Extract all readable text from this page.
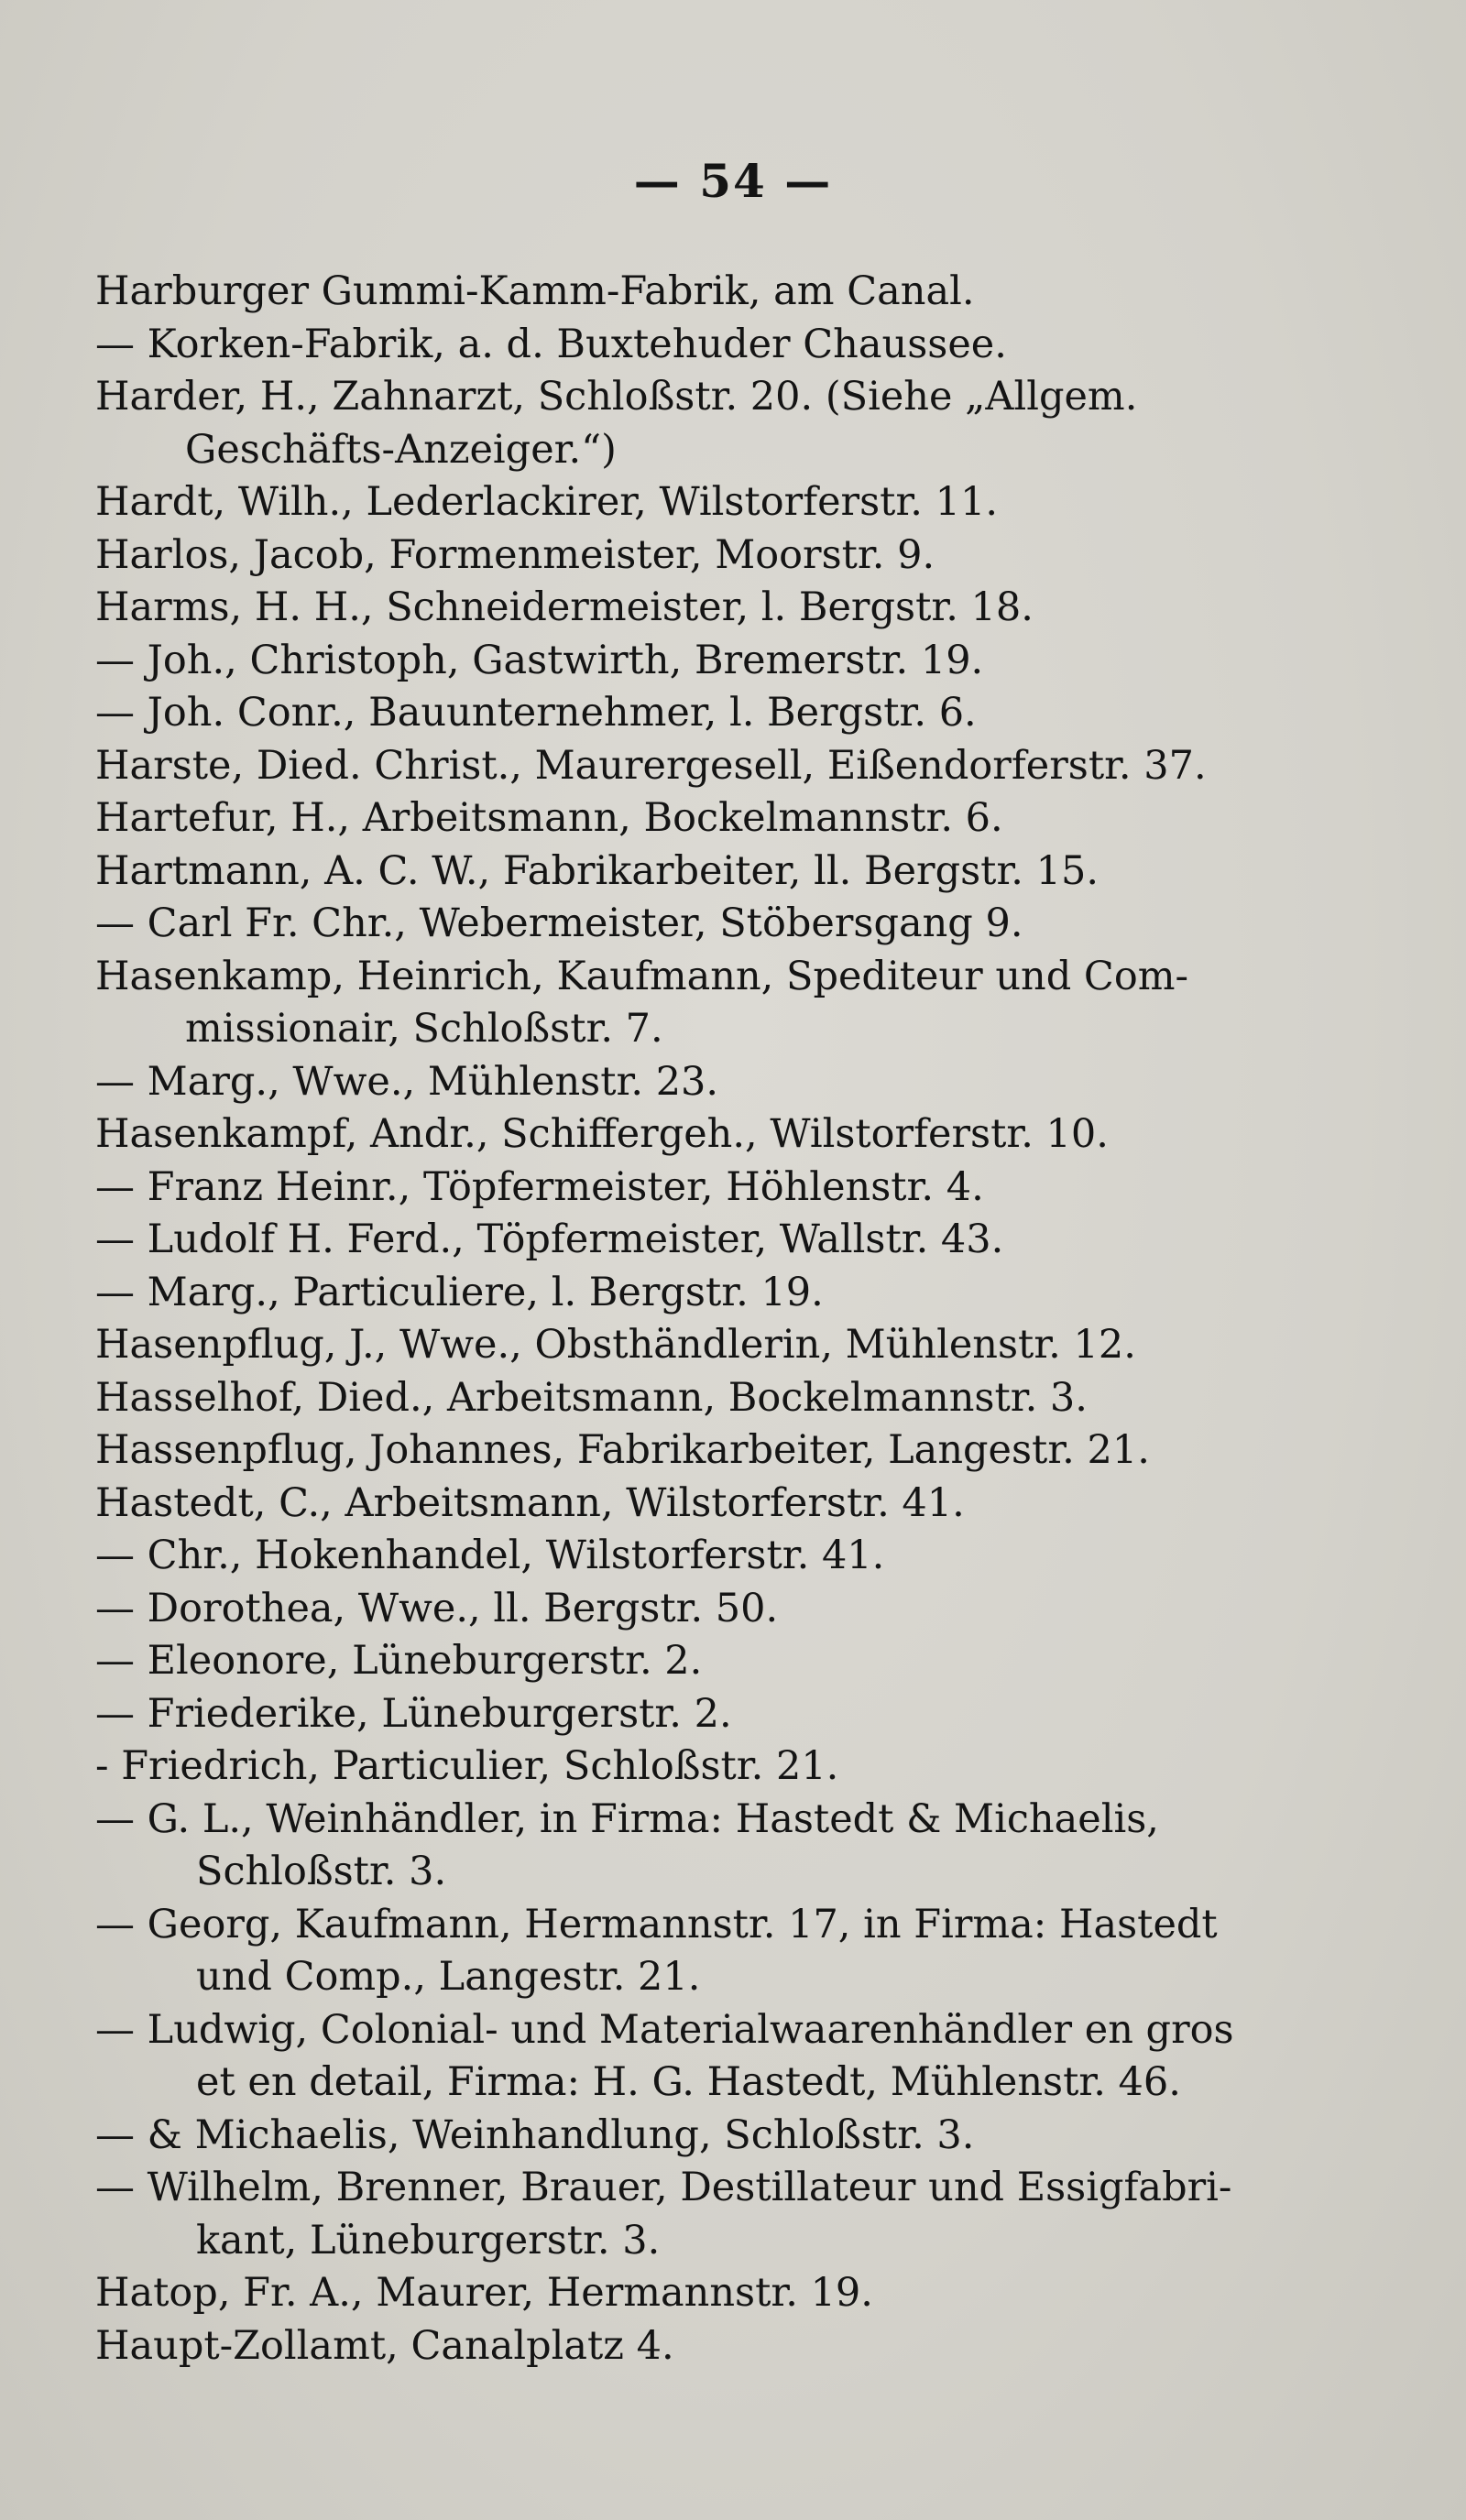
— 54 —
Harburger Gummi-Kamm-Fabrik, am Canal.
— Korken-Fabrik, a. d. Buxtehuder Chaussee.
Harder, H., Zahnarzt, Schloßstr. 20. (Siehe „Allgem.
Geschäfts-Anzeiger.“)
Hardt, Wilh., Lederlackirer, Wilstorferstr. 11.
Harlos, Jacob, Formenmeister, Moorstr. 9.
Harms, H. H., Schneidermeister, l. Bergstr. 18.
— Joh., Christoph, Gastwirth, Bremerstr. 19.
— Joh. Conr., Bauunternehmer, l. Bergstr. 6.
Harste, Died. Christ., Maurergesell, Eißendorferstr. 37.
Hartefur, H., Arbeitsmann, Bockelmannstr. 6.
Hartmann, A. C. W., Fabrikarbeiter, ll. Bergstr. 15.
— Carl Fr. Chr., Webermeister, Stöbersgang 9.
Hasenkamp, Heinrich, Kaufmann, Spediteur und Com-
missionair, Schloßstr. 7.
— Marg., Wwe., Mühlenstr. 23.
Hasenkampf, Andr., Schiffergeh., Wilstorferstr. 10.
— Franz Heinr., Töpfermeister, Höhlenstr. 4.
— Ludolf H. Ferd., Töpfermeister, Wallstr. 43.
— Marg., Particuliere, l. Bergstr. 19.
Hasenpflug, J., Wwe., Obsthändlerin, Mühlenstr. 12.
Hasselhof, Died., Arbeitsmann, Bockelmannstr. 3.
Hassenpflug, Johannes, Fabrikarbeiter, Langestr. 21.
Hastedt, C., Arbeitsmann, Wilstorferstr. 41.
— Chr., Hokenhandel, Wilstorferstr. 41.
— Dorothea, Wwe., ll. Bergstr. 50.
— Eleonore, Lüneburgerstr. 2.
— Friederike, Lüneburgerstr. 2.
- Friedrich, Particulier, Schloßstr. 21.
— G. L., Weinhändler, in Firma: Hastedt & Michaelis,
Schloßstr. 3.
— Georg, Kaufmann, Hermannstr. 17, in Firma: Hastedt
und Comp., Langestr. 21.
— Ludwig, Colonial- und Materialwaarenhändler en gros
et en detail, Firma: H. G. Hastedt, Mühlenstr. 46.
— & Michaelis, Weinhandlung, Schloßstr. 3.
— Wilhelm, Brenner, Brauer, Destillateur und Essigfabri-
kant, Lüneburgerstr. 3.
Hatop, Fr. A., Maurer, Hermannstr. 19.
Haupt-Zollamt, Canalplatz 4.
